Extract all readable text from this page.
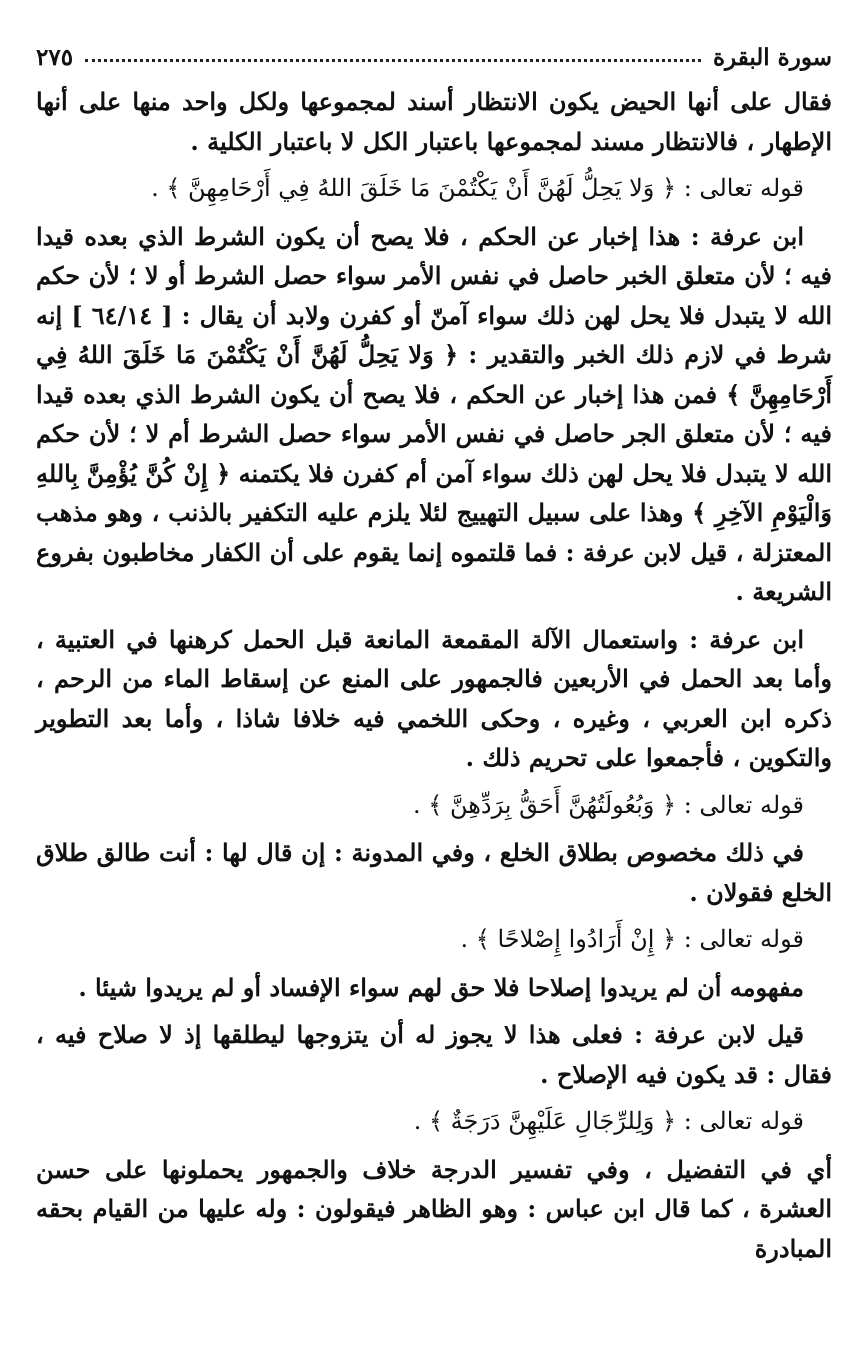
سورة البقرة
٢٧٥

فقال على أنها الحيض يكون الانتظار أسند لمجموعها ولكل واحد منها على أنها الإطهار ، فالانتظار مسند لمجموعها باعتبار الكل لا باعتبار الكلية .

قوله تعالى : ﴿ وَلا يَحِلُّ لَهُنَّ أَنْ يَكْتُمْنَ مَا خَلَقَ اللهُ فِي أَرْحَامِهِنَّ ﴾ .

ابن عرفة : هذا إخبار عن الحكم ، فلا يصح أن يكون الشرط الذي بعده قيدا فيه ؛ لأن متعلق الخبر حاصل في نفس الأمر سواء حصل الشرط أو لا ؛ لأن حكم الله لا يتبدل فلا يحل لهن ذلك سواء آمنّ أو كفرن ولابد أن يقال : [ ٦٤/١٤ ] إنه شرط في لازم ذلك الخبر والتقدير : ﴿ وَلا يَحِلُّ لَهُنَّ أَنْ يَكْتُمْنَ مَا خَلَقَ اللهُ فِي أَرْحَامِهِنَّ ﴾ فمن هذا إخبار عن الحكم ، فلا يصح أن يكون الشرط الذي بعده قيدا فيه ؛ لأن متعلق الجر حاصل في نفس الأمر سواء حصل الشرط أم لا ؛ لأن حكم الله لا يتبدل فلا يحل لهن ذلك سواء آمن أم كفرن فلا يكتمنه ﴿ إِنْ كُنَّ يُؤْمِنَّ بِاللهِ وَالْيَوْمِ الآخِرِ ﴾ وهذا على سبيل التهييج لئلا يلزم عليه التكفير بالذنب ، وهو مذهب المعتزلة ، قيل لابن عرفة : فما قلتموه إنما يقوم على أن الكفار مخاطبون بفروع الشريعة .

ابن عرفة : واستعمال الآلة المقمعة المانعة قبل الحمل كرهنها في العتبية ، وأما بعد الحمل في الأربعين فالجمهور على المنع عن إسقاط الماء من الرحم ، ذكره ابن العربي ، وغيره ، وحكى اللخمي فيه خلافا شاذا ، وأما بعد التطوير والتكوين ، فأجمعوا على تحريم ذلك .

قوله تعالى : ﴿ وَبُعُولَتُهُنَّ أَحَقُّ بِرَدِّهِنَّ ﴾ .

في ذلك مخصوص بطلاق الخلع ، وفي المدونة : إن قال لها : أنت طالق طلاق الخلع فقولان .

قوله تعالى : ﴿ إِنْ أَرَادُوا إِصْلاحًا ﴾ .

مفهومه أن لم يريدوا إصلاحا فلا حق لهم سواء الإفساد أو لم يريدوا شيئا .

قيل لابن عرفة : فعلى هذا لا يجوز له أن يتزوجها ليطلقها إذ لا صلاح فيه ، فقال : قد يكون فيه الإصلاح .

قوله تعالى : ﴿ وَلِلرِّجَالِ عَلَيْهِنَّ دَرَجَةٌ ﴾ .

أي في التفضيل ، وفي تفسير الدرجة خلاف والجمهور يحملونها على حسن العشرة ، كما قال ابن عباس : وهو الظاهر فيقولون : وله عليها من القيام بحقه المبادرة
